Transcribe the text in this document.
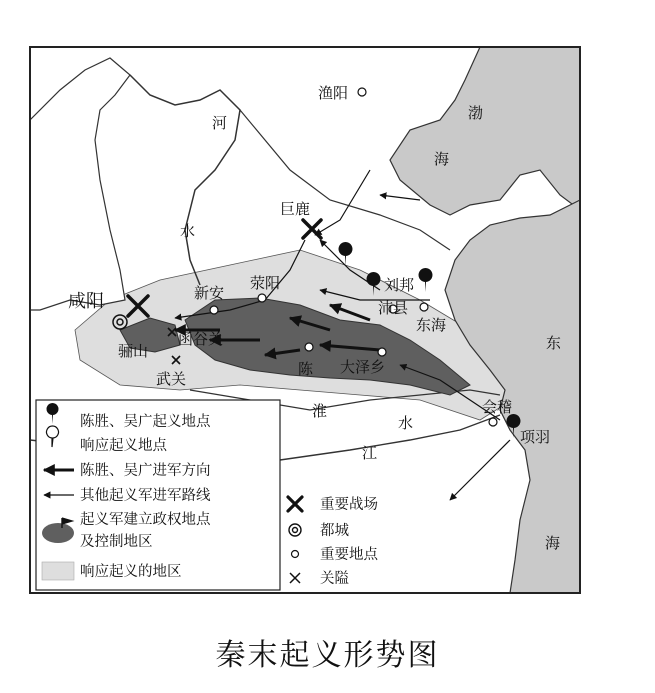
渔阳
巨鹿
咸阳	新安
荥阳	刘邦
沛县
东海
函谷关
骊山
武关
陈 大泽乡
会稽
项羽
渤
海
东
海
河
水
淮
水
江
陈胜、吴广起义地点
响应起义地点
陈胜、吴广进军方向
其他起义军进军路线
起义军建立政权地点
及控制地区
响应起义的地区
重要战场
都城
重要地点
关隘
秦末起义形势图
